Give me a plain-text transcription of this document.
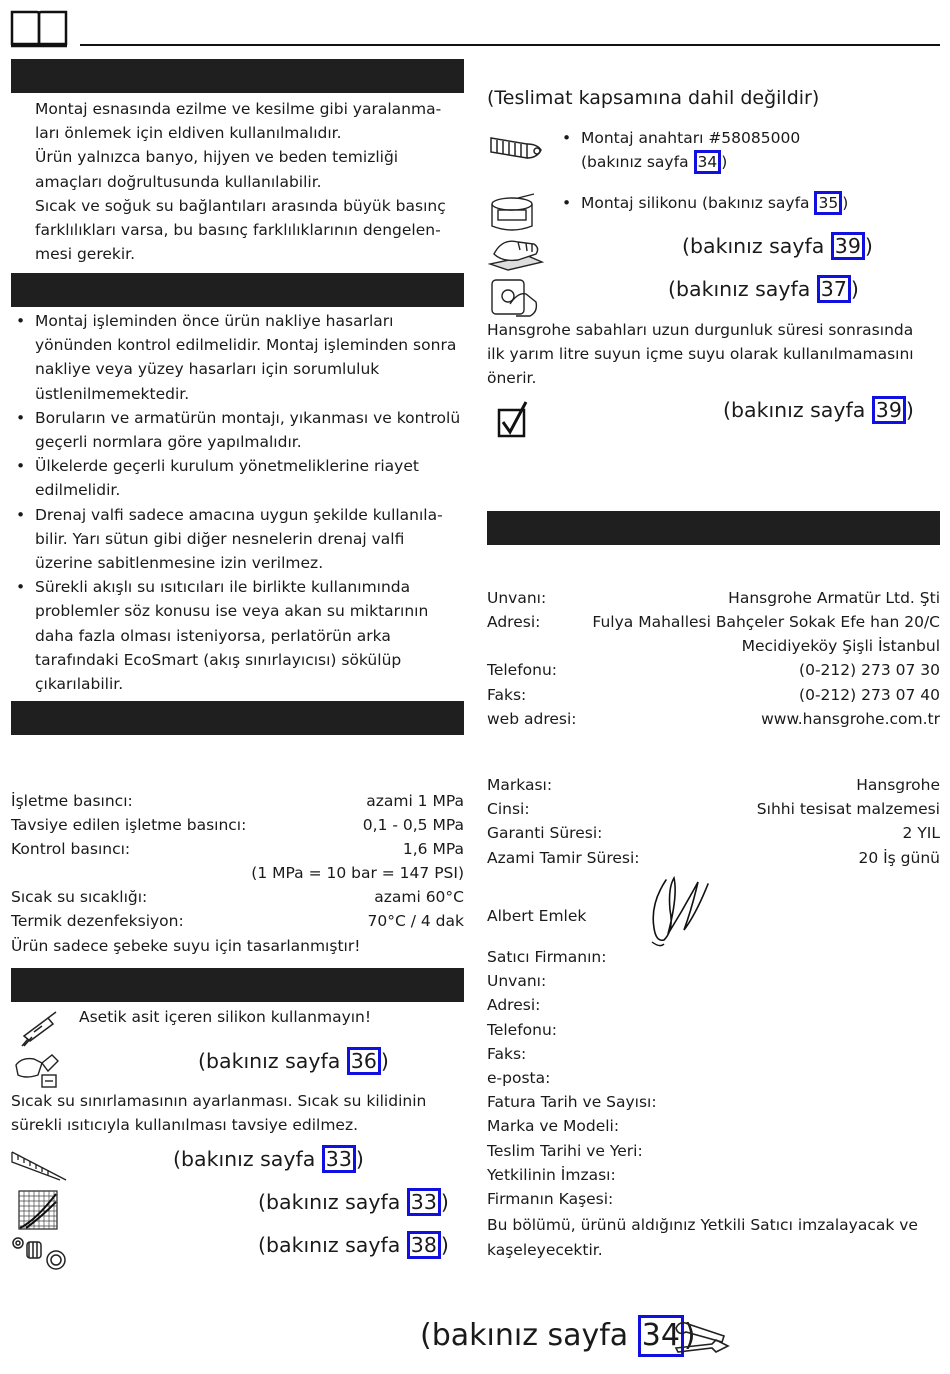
Montaj esnasında ezilme ve kesilme gibi yaralanma-
ları önlemek için eldiven kullanılmalıdır.
Ürün yalnızca banyo, hijyen ve beden temizliği
amaçları doğrultusunda kullanılabilir.
Sıcak ve soğuk su bağlantıları arasında büyük basınç
farklılıkları varsa, bu basınç farklılıklarının dengelen-
mesi gerekir.
• Montaj işleminden önce ürün nakliye hasarları yönünden kontrol edilmelidir. Montaj işleminden sonra nakliye veya yüzey hasarları için sorumluluk üstlenilmemektedir.
• Boruların ve armatürün montajı, yıkanması ve kontrolü geçerli normlara göre yapılmalıdır.
• Ülkelerde geçerli kurulum yönetmeliklerine riayet edilmelidir.
• Drenaj valfi sadece amacına uygun şekilde kullanıla-bilir. Yarı sütun gibi diğer nesnelerin drenaj valfi üzerine sabitlenmesine izin verilmez.
• Sürekli akışlı su ısıtıcıları ile birlikte kullanımında problemler söz konusu ise veya akan su miktarının daha fazla olması isteniyorsa, perlatörün arka tarafındaki EcoSmart (akış sınırlayıcısı) sökülüp çıkarılabilir.
İşletme basıncı:	azami 1 MPa
Tavsiye edilen işletme basıncı:	0,1 - 0,5 MPa
Kontrol basıncı:	1,6 MPa
(1 MPa = 10 bar = 147 PSI)
Sıcak su sıcaklığı:	azami 60°C
Termik dezenfeksiyon:	70°C / 4 dak
Ürün sadece şebeke suyu için tasarlanmıştır!
Asetik asit içeren silikon kullanmayın!
(bakınız sayfa 36 )
Sıcak su sınırlamasının ayarlanması. Sıcak su kilidinin
sürekli ısıtıcıyla kullanılması tavsiye edilmez.
(bakınız sayfa 33 )
(bakınız sayfa 33 )
(bakınız sayfa 38 )
(Teslimat kapsamına dahil değildir)
• Montaj anahtarı #58085000
(bakınız sayfa 34 )
• Montaj silikonu (bakınız sayfa 35 )
(bakınız sayfa 39 )
(bakınız sayfa 37 )
Hansgrohe sabahları uzun durgunluk süresi sonrasında
ilk yarım litre suyun içme suyu olarak kullanılmamasını
önerir.
(bakınız sayfa 39 )
Unvanı:	Hansgrohe Armatür Ltd. Şti
Adresi:	Fulya Mahallesi Bahçeler Sokak Efe han 20/C
Mecidiyeköy Şişli İstanbul
Telefonu:	(0-212) 273 07 30
Faks:	(0-212) 273 07 40
web adresi:	www.hansgrohe.com.tr
Markası:	Hansgrohe
Cinsi:	Sıhhi tesisat malzemesi
Garanti Süresi:	2 YIL
Azami Tamir Süresi:	20 İş günü
Albert Emlek
Satıcı Firmanın:
Unvanı:
Adresi:
Telefonu:
Faks:
e-posta:
Fatura Tarih ve Sayısı:
Marka ve Modeli:
Teslim Tarihi ve Yeri:
Yetkilinin İmzası:
Firmanın Kaşesi:
Bu bölümü, ürünü aldığınız Yetkili Satıcı imzalayacak ve
kaşeleyecektir.
(bakınız sayfa 34 )
